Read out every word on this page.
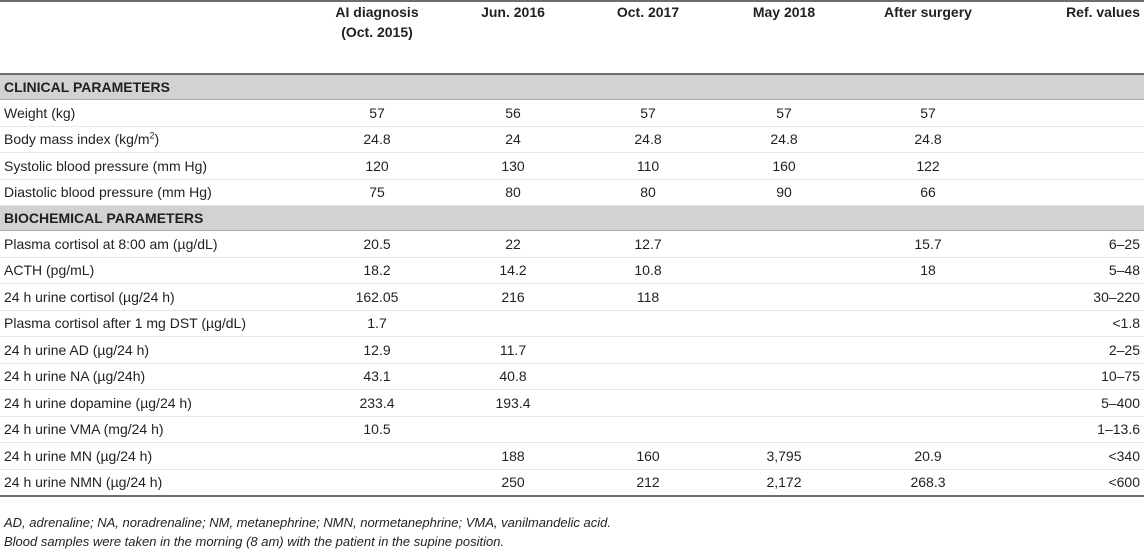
	AI diagnosis
(Oct. 2015)	Jun. 2016	Oct. 2017	May 2018	After surgery	Ref. values
CLINICAL PARAMETERS						
Weight (kg)	57	56	57	57	57	
Body mass index $(kg/m^2)$	24.8	24	24.8	24.8	24.8	
Systolic blood pressure (mm Hg)	120	130	110	160	122	
Diastolic blood pressure (mm Hg)	75	80	80	90	66	
BIOCHEMICAL PARAMETERS						
Plasma cortisol at 8:00 am (µg/dL)	20.5	22	12.7		15.7	6–25
ACTH (pg/mL)	18.2	14.2	10.8		18	5–48
24 h urine cortisol (µg/24 h)	162.05	216	118			30–220
Plasma cortisol after 1 mg DST (µg/dL)	1.7					<1.8
24 h urine AD (µg/24 h)	12.9	11.7				2–25
24 h urine NA (µg/24h)	43.1	40.8				10–75
24 h urine dopamine (µg/24 h)	233.4	193.4				5–400
24 h urine VMA (mg/24 h)	10.5					1–13.6
24 h urine MN (µg/24 h)		188	160	3,795	20.9	<340
24 h urine NMN (µg/24 h)		250	212	2,172	268.3	<600
AD, adrenaline; NA, noradrenaline; NM, metanephrine; NMN, normetanephrine; VMA, vanilmandelic acid.
Blood samples were taken in the morning (8 am) with the patient in the supine position.
